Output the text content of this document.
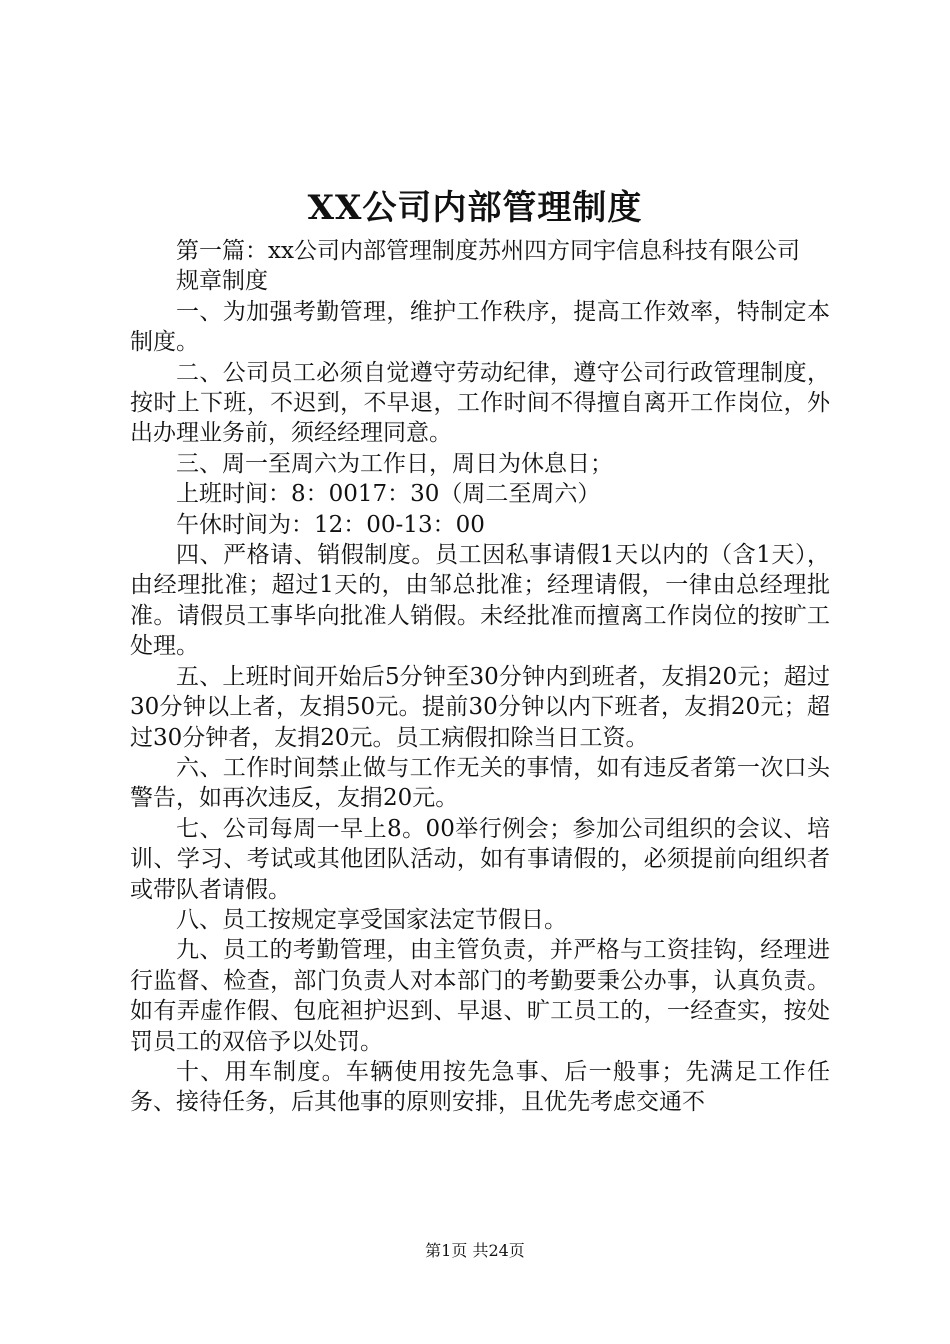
XX公司内部管理制度

第一篇：xx公司内部管理制度苏州四方同宇信息科技有限公司

规章制度

一、为加强考勤管理，维护工作秩序，提高工作效率，特制定本制度。

二、公司员工必须自觉遵守劳动纪律，遵守公司行政管理制度，按时上下班，不迟到，不早退，工作时间不得擅自离开工作岗位，外出办理业务前，须经经理同意。

三、周一至周六为工作日，周日为休息日；

上班时间：8：0017：30（周二至周六）

午休时间为：12：00-13：00

四、严格请、销假制度。员工因私事请假1天以内的（含1天），由经理批准；超过1天的，由邹总批准；经理请假，一律由总经理批准。请假员工事毕向批准人销假。未经批准而擅离工作岗位的按旷工处理。

五、上班时间开始后5分钟至30分钟内到班者，友捐20元；超过30分钟以上者，友捐50元。提前30分钟以内下班者，友捐20元；超过30分钟者，友捐20元。员工病假扣除当日工资。

六、工作时间禁止做与工作无关的事情，如有违反者第一次口头警告，如再次违反，友捐20元。

七、公司每周一早上8。00举行例会；参加公司组织的会议、培训、学习、考试或其他团队活动，如有事请假的，必须提前向组织者或带队者请假。

八、员工按规定享受国家法定节假日。

九、员工的考勤管理，由主管负责，并严格与工资挂钩，经理进行监督、检查，部门负责人对本部门的考勤要秉公办事，认真负责。如有弄虚作假、包庇袒护迟到、早退、旷工员工的，一经查实，按处罚员工的双倍予以处罚。

十、用车制度。车辆使用按先急事、后一般事；先满足工作任务、接待任务，后其他事的原则安排，且优先考虑交通不

第1页 共24页
